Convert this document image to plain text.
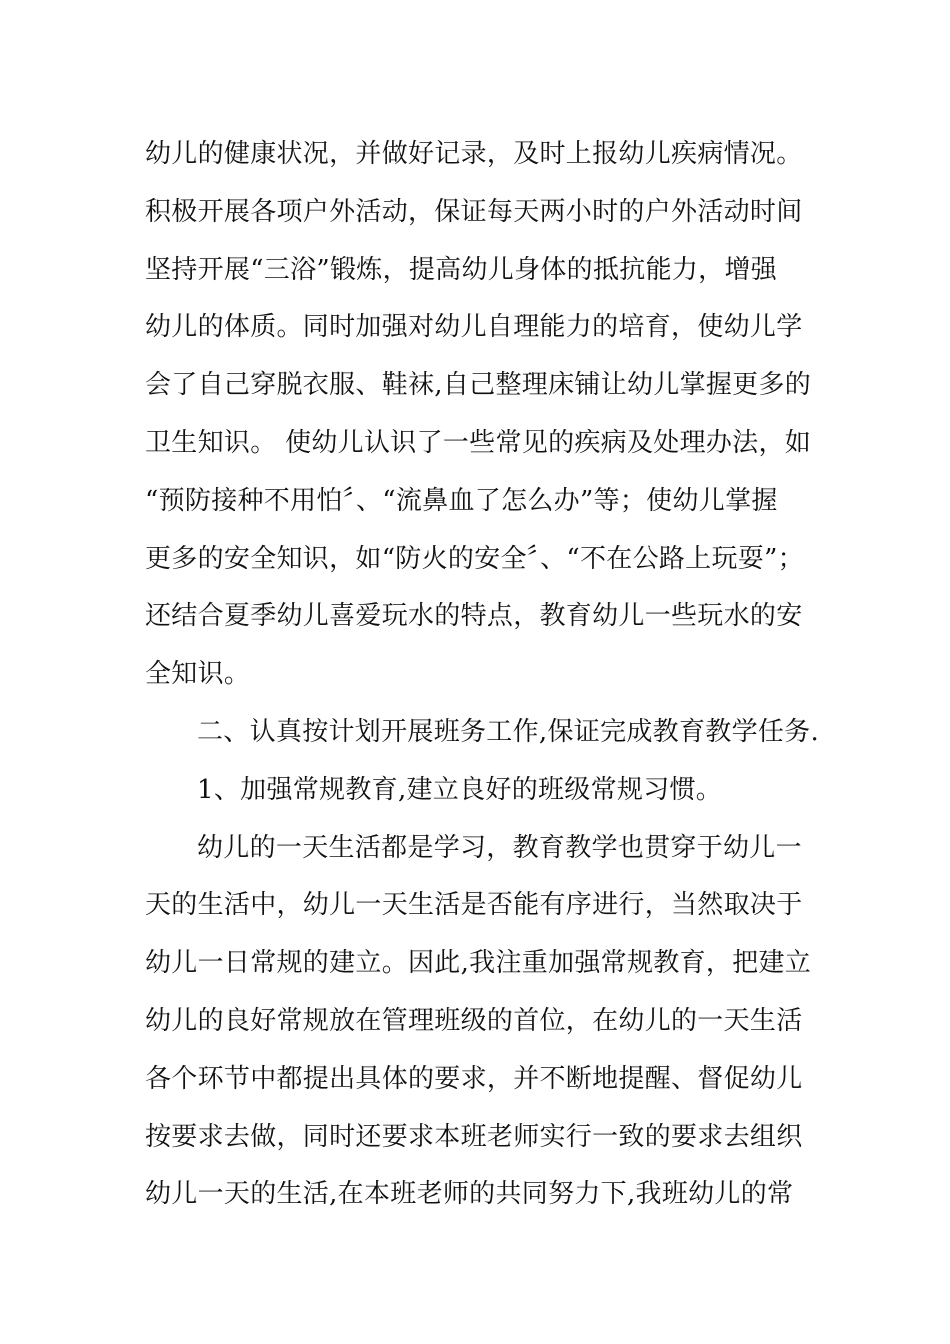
幼儿的健康状况，并做好记录，及时上报幼儿疾病情况。
积极开展各项户外活动，保证每天两小时的户外活动时间
坚持开展“三浴”锻炼，提高幼儿身体的抵抗能力，增强
幼儿的体质。同时加强对幼儿自理能力的培育，使幼儿学
会了自己穿脱衣服、鞋袜,自己整理床铺让幼儿掌握更多的
卫生知识。 使幼儿认识了一些常见的疾病及处理办法，如
“预防接种不用怕〞、“流鼻血了怎么办”等；使幼儿掌握
更多的安全知识，如“防火的安全〞、“不在公路上玩耍”；
还结合夏季幼儿喜爱玩水的特点，教育幼儿一些玩水的安
全知识。
二、认真按计划开展班务工作,保证完成教育教学任务.
1、加强常规教育,建立良好的班级常规习惯。
幼儿的一天生活都是学习，教育教学也贯穿于幼儿一
天的生活中，幼儿一天生活是否能有序进行，当然取决于
幼儿一日常规的建立。因此,我注重加强常规教育，把建立
幼儿的良好常规放在管理班级的首位，在幼儿的一天生活
各个环节中都提出具体的要求，并不断地提醒、督促幼儿
按要求去做，同时还要求本班老师实行一致的要求去组织
幼儿一天的生活,在本班老师的共同努力下,我班幼儿的常
